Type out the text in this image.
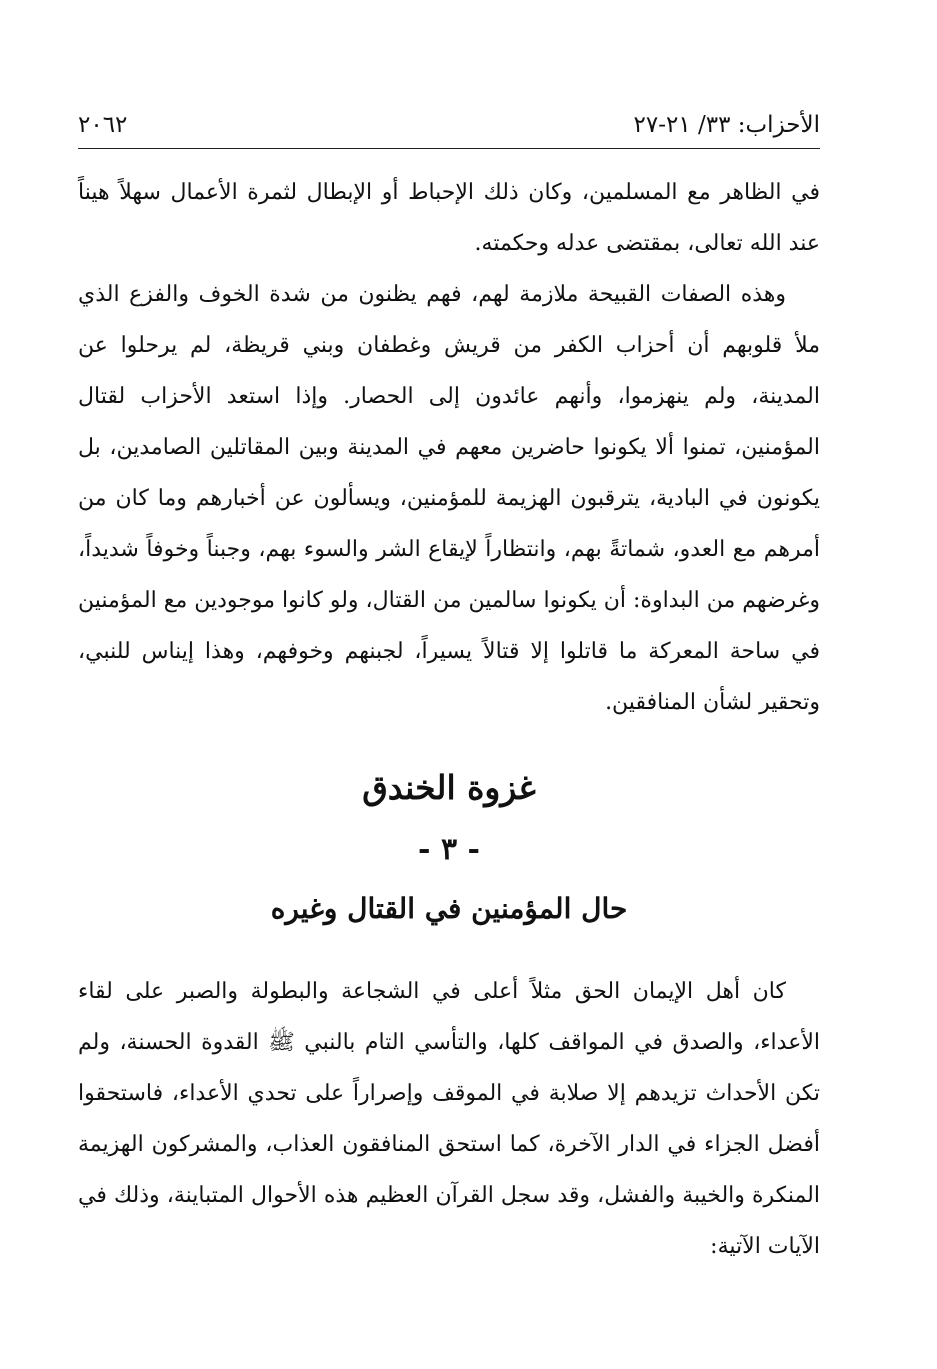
الأحزاب: ٣٣/ ٢١-٢٧
٢٠٦٢

في الظاهر مع المسلمين، وكان ذلك الإحباط أو الإبطال لثمرة الأعمال سهلاً هيناً عند الله تعالى، بمقتضى عدله وحكمته.

وهذه الصفات القبيحة ملازمة لهم، فهم يظنون من شدة الخوف والفزع الذي ملأ قلوبهم أن أحزاب الكفر من قريش وغطفان وبني قريظة، لم يرحلوا عن المدينة، ولم ينهزموا، وأنهم عائدون إلى الحصار. وإذا استعد الأحزاب لقتال المؤمنين، تمنوا ألا يكونوا حاضرين معهم في المدينة وبين المقاتلين الصامدين، بل يكونون في البادية، يترقبون الهزيمة للمؤمنين، ويسألون عن أخبارهم وما كان من أمرهم مع العدو، شماتةً بهم، وانتظاراً لإيقاع الشر والسوء بهم، وجبناً وخوفاً شديداً، وغرضهم من البداوة: أن يكونوا سالمين من القتال، ولو كانوا موجودين مع المؤمنين في ساحة المعركة ما قاتلوا إلا قتالاً يسيراً، لجبنهم وخوفهم، وهذا إيناس للنبي، وتحقير لشأن المنافقين.

غزوة الخندق
- ٣ -
حال المؤمنين في القتال وغيره

كان أهل الإيمان الحق مثلاً أعلى في الشجاعة والبطولة والصبر على لقاء الأعداء، والصدق في المواقف كلها، والتأسي التام بالنبي ﷺ القدوة الحسنة، ولم تكن الأحداث تزيدهم إلا صلابة في الموقف وإصراراً على تحدي الأعداء، فاستحقوا أفضل الجزاء في الدار الآخرة، كما استحق المنافقون العذاب، والمشركون الهزيمة المنكرة والخيبة والفشل، وقد سجل القرآن العظيم هذه الأحوال المتباينة، وذلك في الآيات الآتية:
